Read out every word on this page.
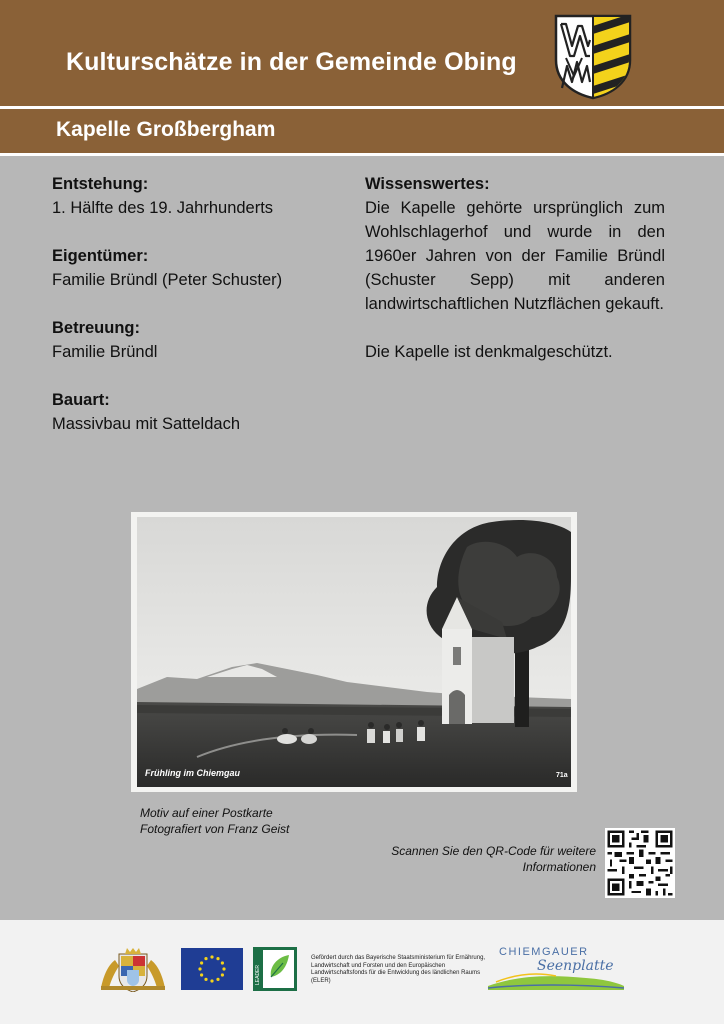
Kulturschätze in der Gemeinde Obing
Kapelle Großbergham
Entstehung:
1. Hälfte des 19. Jahrhunderts
Eigentümer:
Familie Bründl (Peter Schuster)
Betreuung:
Familie Bründl
Bauart:
Massivbau mit Satteldach
Wissenswertes:

Die Kapelle gehörte ursprünglich zum Wohlschlagerhof und wurde in den 1960er Jahren von der Familie Bründl (Schuster Sepp) mit anderen landwirtschaftlichen Nutzflächen gekauft.

Die Kapelle ist denkmalgeschützt.

Frühling im Chiemgau	71a
Motiv auf einer Postkarte
Fotografiert von Franz Geist
Scannen Sie den QR-Code für weitere
Informationen
LEADER
Gefördert durch das Bayerische Staatsministerium für Ernährung, Landwirtschaft und Forsten und den Europäischen Landwirtschaftsfonds für die Entwicklung des ländlichen Raums (ELER)
CHIEMGAUER
Seenplatte
